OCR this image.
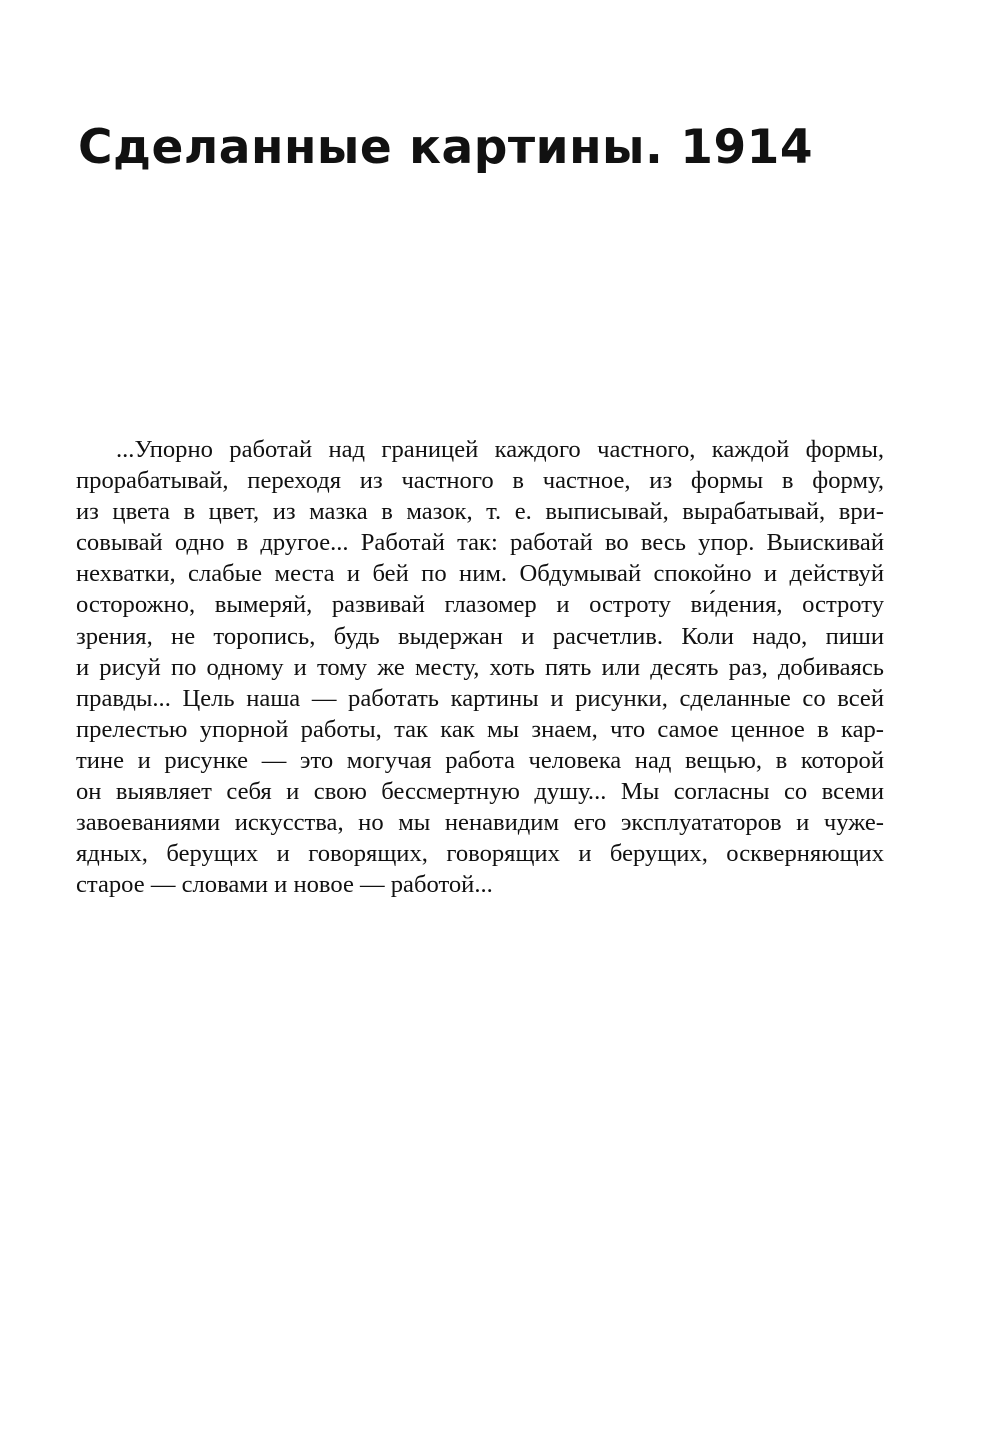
Сделанные картины. 1914
...Упорно работай над границей каждого частного, каждой формы,
прорабатывай, переходя из частного в частное, из формы в форму,
из цвета в цвет, из мазка в мазок, т. е. выписывай, вырабатывай, ври-
совывай одно в другое... Работай так: работай во весь упор. Выискивай
нехватки, слабые места и бей по ним. Обдумывай спокойно и действуй
осторожно, вымеряй, развивай глазомер и остроту ви́дения, остроту
зрения, не торопись, будь выдержан и расчетлив. Коли надо, пиши
и рисуй по одному и тому же месту, хоть пять или десять раз, добиваясь
правды... Цель наша — работать картины и рисунки, сделанные со всей
прелестью упорной работы, так как мы знаем, что самое ценное в кар-
тине и рисунке — это могучая работа человека над вещью, в которой
он выявляет себя и свою бессмертную душу... Мы согласны со всеми
завоеваниями искусства, но мы ненавидим его эксплуататоров и чуже-
ядных, берущих и говорящих, говорящих и берущих, оскверняющих
старое — словами и новое — работой...
